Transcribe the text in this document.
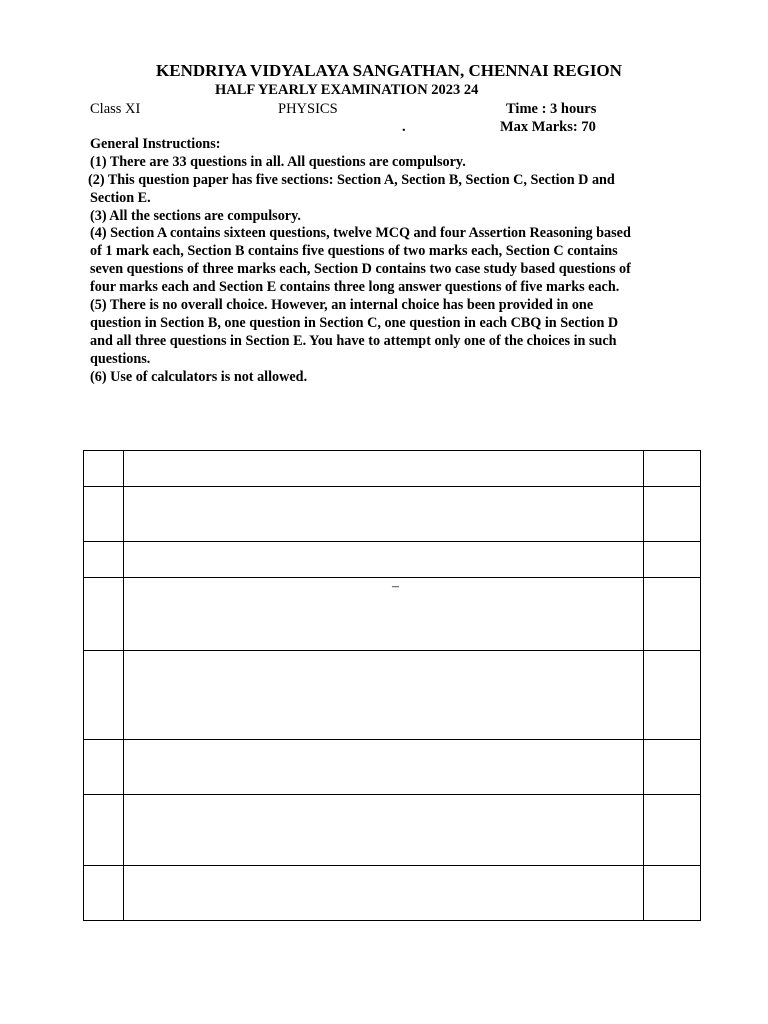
KENDRIYA VIDYALAYA SANGATHAN, CHENNAI REGION
HALF YEARLY EXAMINATION 2023 24
Class XI	PHYSICS	Time : 3 hours
.	Max Marks: 70
General Instructions:
(1) There are 33 questions in all. All questions are compulsory.
(2) This question paper has five sections: Section A, Section B, Section C, Section D and
Section E.
(3) All the sections are compulsory.
(4) Section A contains sixteen questions, twelve MCQ and four Assertion Reasoning based
of 1 mark each, Section B contains five questions of two marks each, Section C contains
seven questions of three marks each, Section D contains two case study based questions of
four marks each and Section E contains three long answer questions of five marks each.
(5) There is no overall choice. However, an internal choice has been provided in one
question in Section B, one question in Section C, one question in each CBQ in Section D
and all three questions in Section E. You have to attempt only one of the choices in such
questions.
(6) Use of calculators is not allowed.

	–	
